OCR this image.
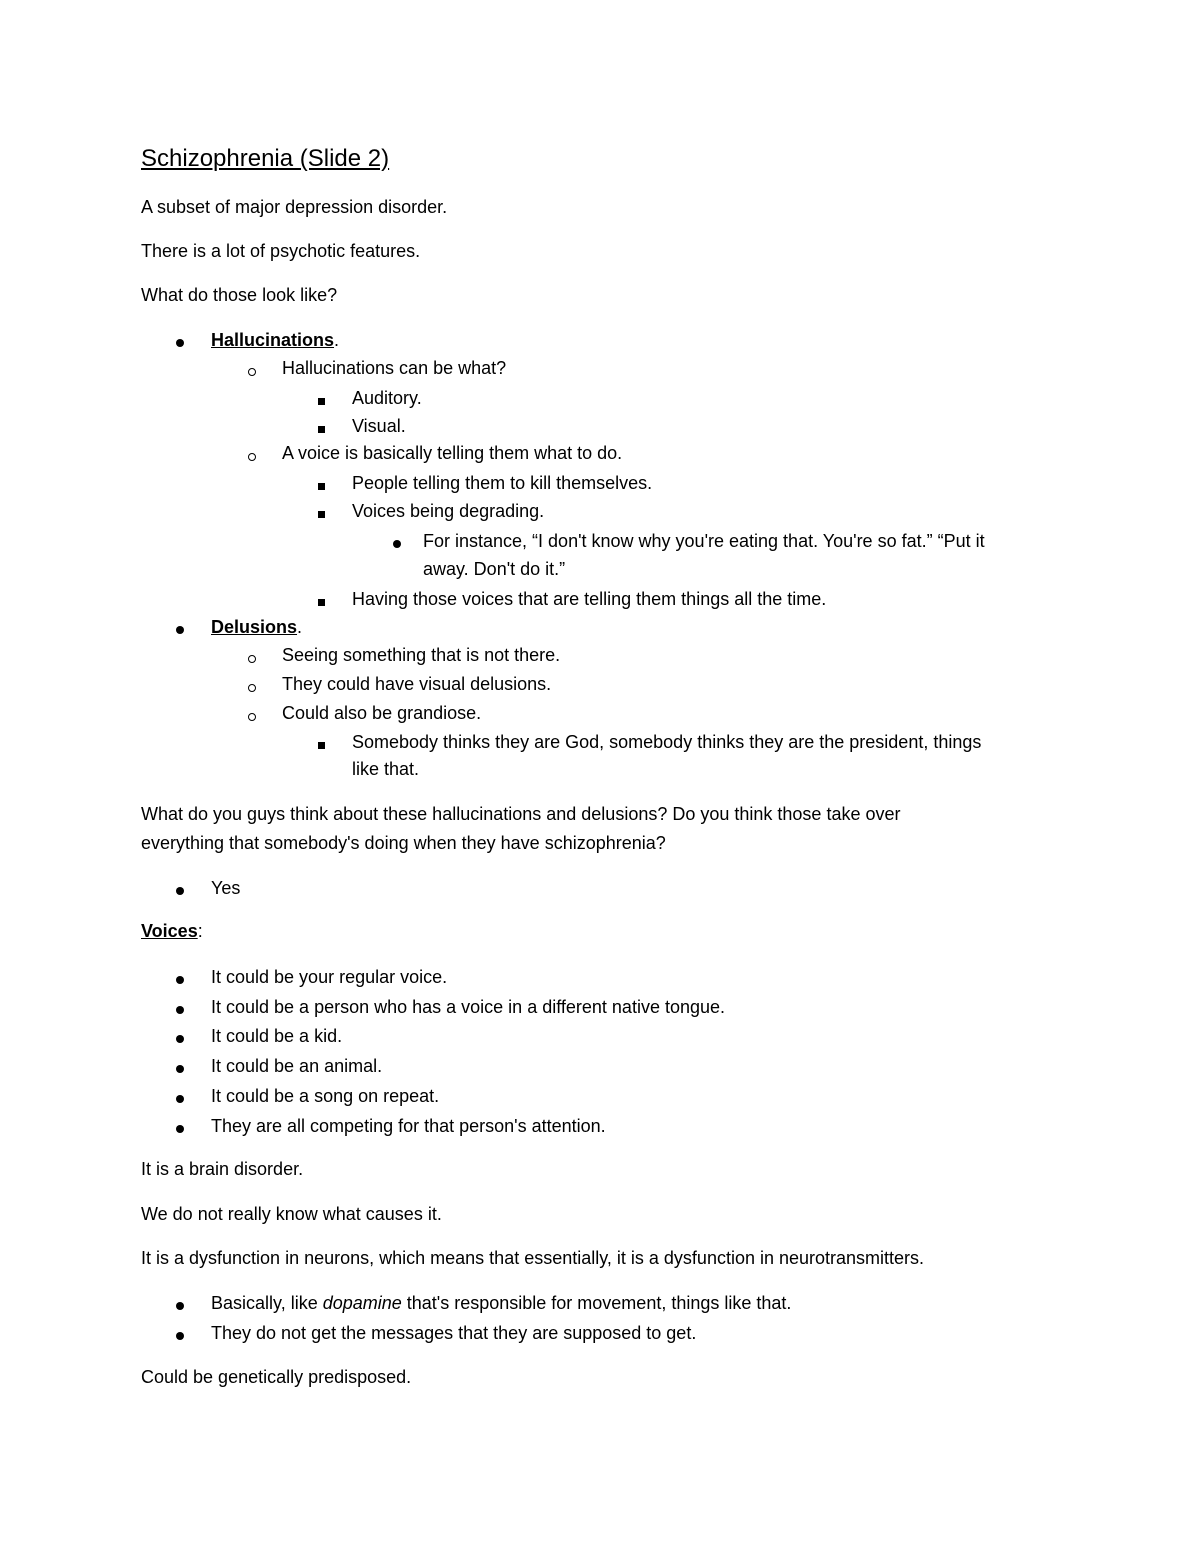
Schizophrenia (Slide 2)
A subset of major depression disorder.
There is a lot of psychotic features.
What do those look like?
Hallucinations.
Hallucinations can be what?
Auditory.
Visual.
A voice is basically telling them what to do.
People telling them to kill themselves.
Voices being degrading.
For instance, “I don't know why you're eating that. You're so fat.” “Put it
away. Don't do it.”
Having those voices that are telling them things all the time.
Delusions.
Seeing something that is not there.
They could have visual delusions.
Could also be grandiose.
Somebody thinks they are God, somebody thinks they are the president, things
like that.
What do you guys think about these hallucinations and delusions? Do you think those take over
everything that somebody's doing when they have schizophrenia?
Yes
Voices:
It could be your regular voice.
It could be a person who has a voice in a different native tongue.
It could be a kid.
It could be an animal.
It could be a song on repeat.
They are all competing for that person's attention.
It is a brain disorder.
We do not really know what causes it.
It is a dysfunction in neurons, which means that essentially, it is a dysfunction in neurotransmitters.
Basically, like dopamine that's responsible for movement, things like that.
They do not get the messages that they are supposed to get.
Could be genetically predisposed.
